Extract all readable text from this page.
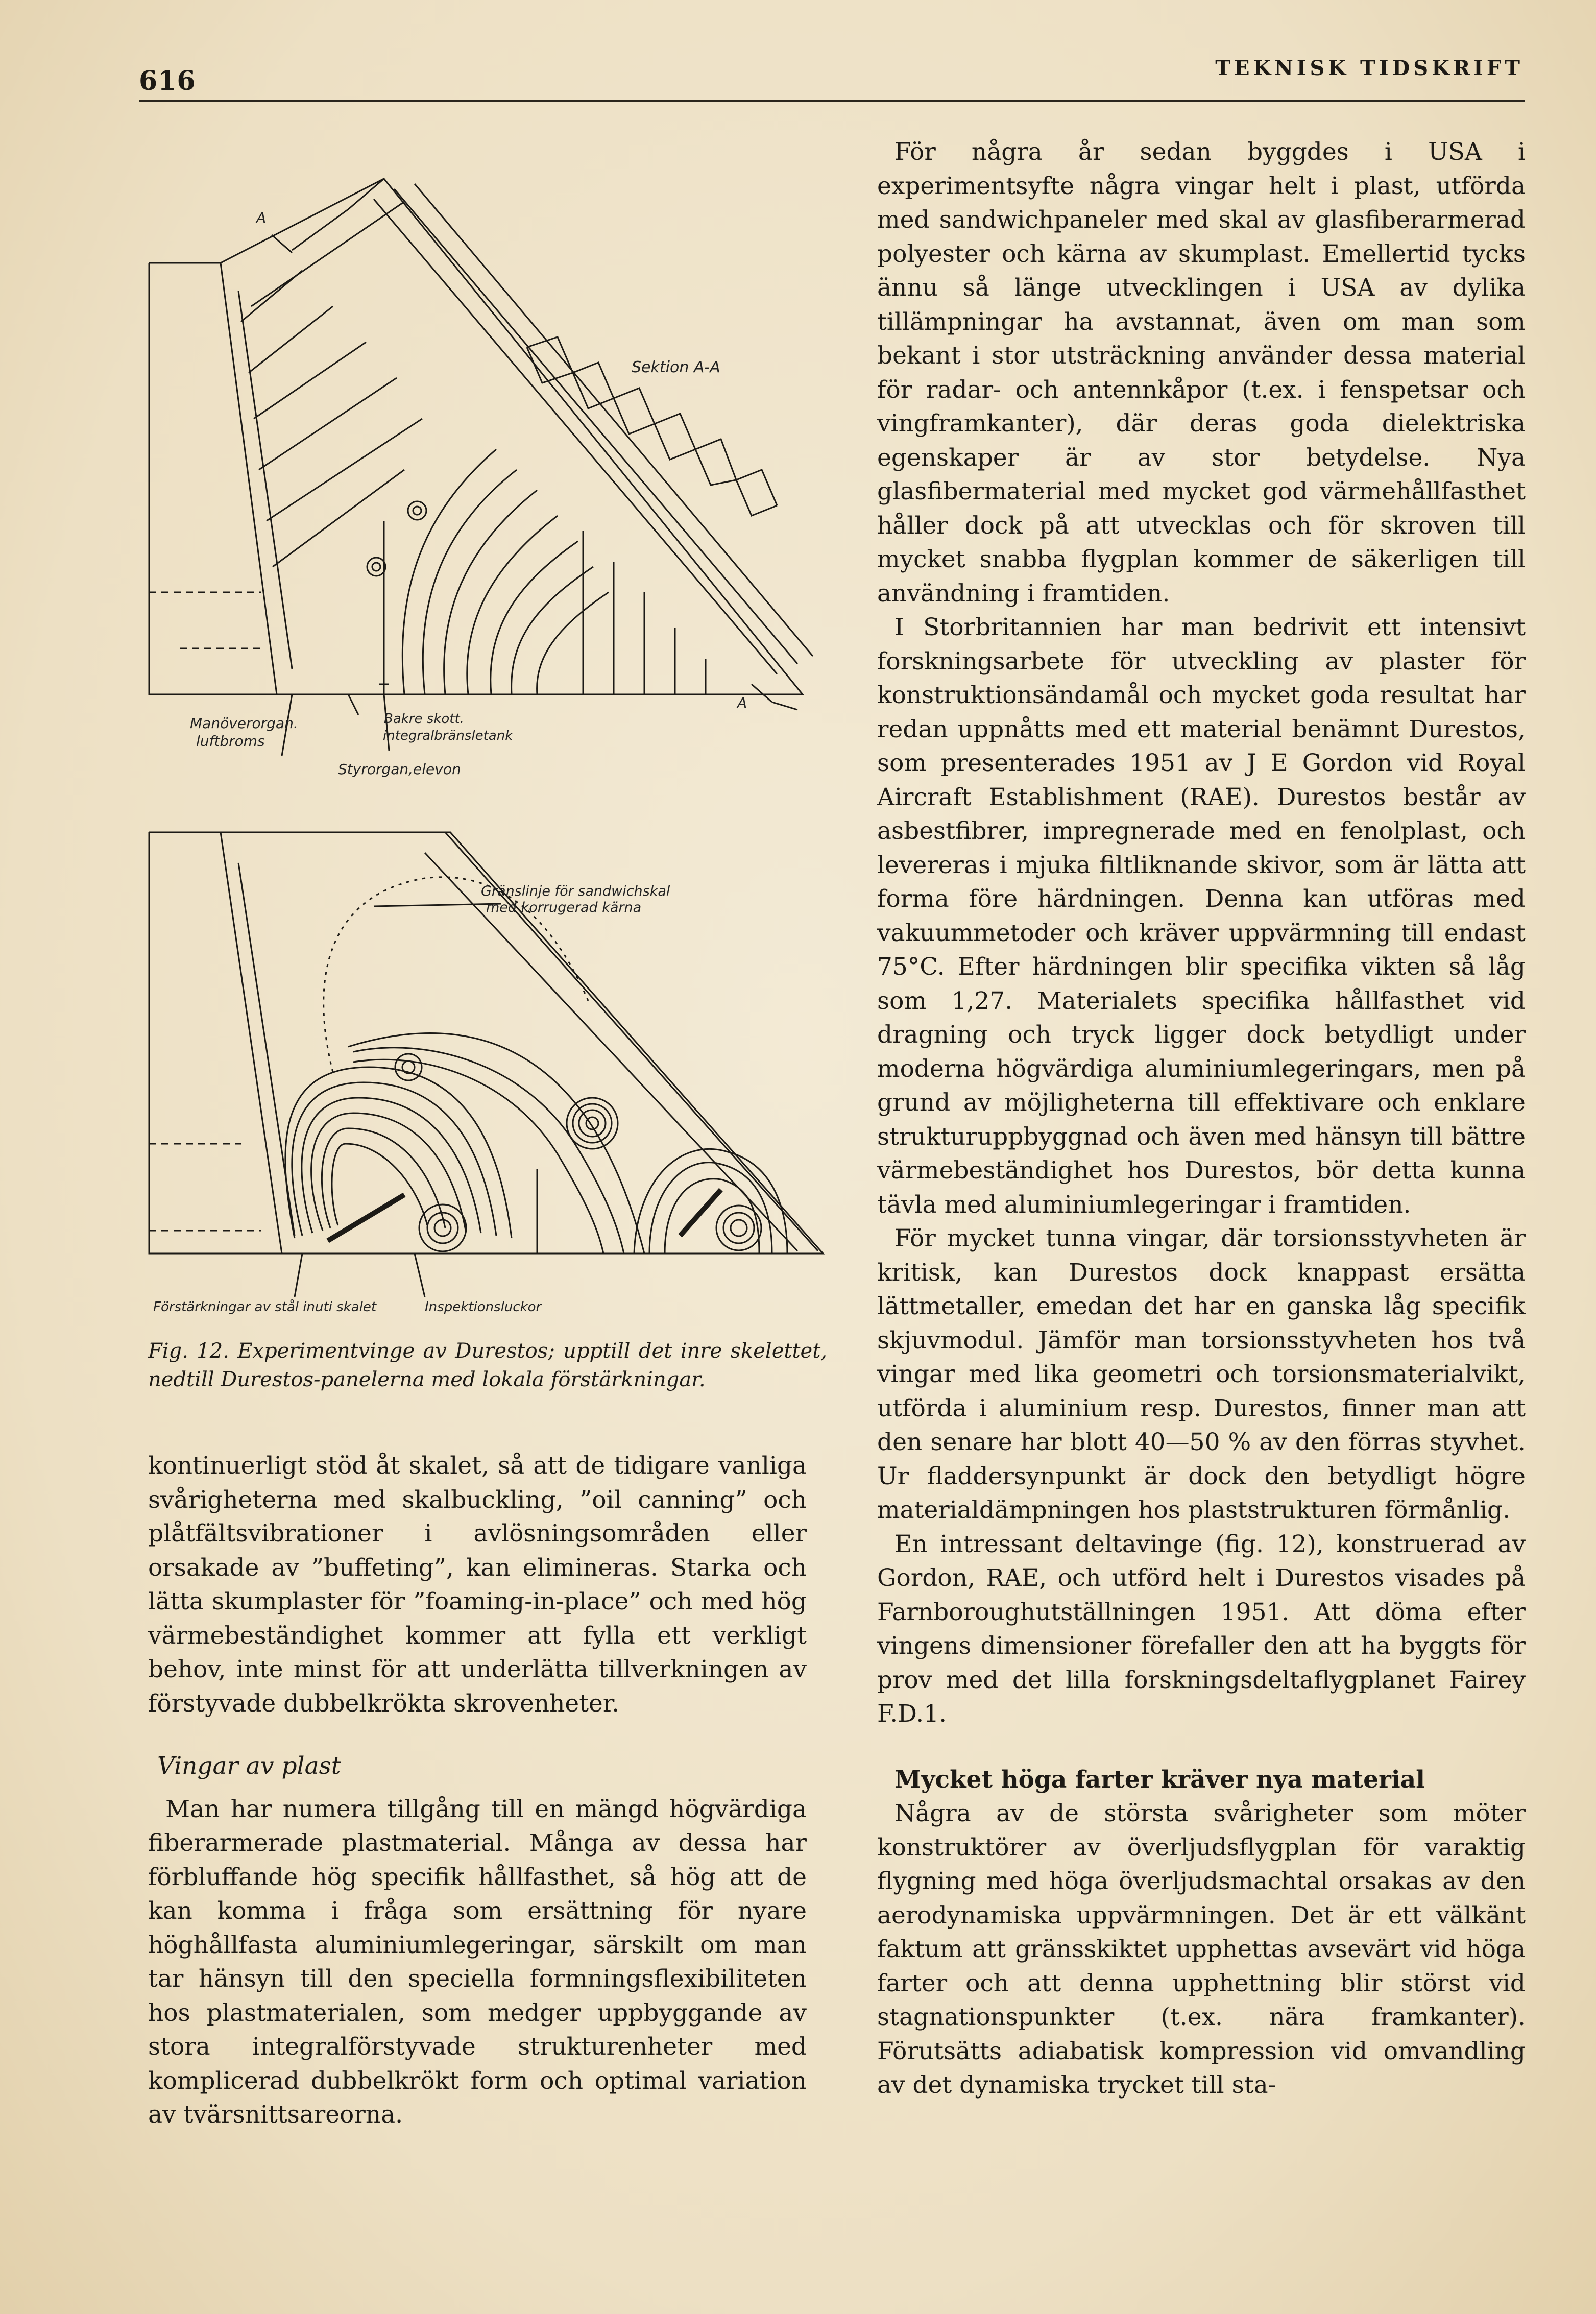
616	TEKNISK TIDSKRIFT
A
A
Sektion A-A
Manöverorgan.
luftbroms
Bakre skott.
integralbränsletank
Styrorgan,elevon
Gränslinje för sandwichskal
med korrugerad kärna
Förstärkningar av stål inuti skalet	Inspektionsluckor
Fig. 12. Experimentvinge av Durestos; upptill det inre skelettet, nedtill Durestos-panelerna med lokala förstärkningar.

kontinuerligt stöd åt skalet, så att de tidigare vanliga svårigheterna med skalbuckling, ”oil canning” och plåtfältsvibrationer i avlösningsområden eller orsakade av ”buffeting”, kan elimineras. Starka och lätta skumplaster för ”foaming-in-place” och med hög värmebeständighet kommer att fylla ett verkligt behov, inte minst för att underlätta tillverkningen av förstyvade dubbelkrökta skrovenheter.

Vingar av plast

Man har numera tillgång till en mängd högvärdiga fiberarmerade plastmaterial. Många av dessa har förbluffande hög specifik hållfasthet, så hög att de kan komma i fråga som ersättning för nyare höghållfasta aluminiumlegeringar, särskilt om man tar hänsyn till den speciella formningsflexibiliteten hos plastmaterialen, som medger uppbyggande av stora integralförstyvade strukturenheter med komplicerad dubbelkrökt form och optimal variation av tvärsnittsareorna.

För några år sedan byggdes i USA i experimentsyfte några vingar helt i plast, utförda med sandwichpaneler med skal av glasfiberarmerad polyester och kärna av skumplast. Emellertid tycks ännu så länge utvecklingen i USA av dylika tillämpningar ha avstannat, även om man som bekant i stor utsträckning använder dessa material för radar- och antennkåpor (t.ex. i fenspetsar och vingframkanter), där deras goda dielektriska egenskaper är av stor betydelse. Nya glasfibermaterial med mycket god värmehållfasthet håller dock på att utvecklas och för skroven till mycket snabba flygplan kommer de säkerligen till användning i framtiden.

I Storbritannien har man bedrivit ett intensivt forskningsarbete för utveckling av plaster för konstruktionsändamål och mycket goda resultat har redan uppnåtts med ett material benämnt Durestos, som presenterades 1951 av J E Gordon vid Royal Aircraft Establishment (RAE). Durestos består av asbestfibrer, impregnerade med en fenolplast, och levereras i mjuka filtliknande skivor, som är lätta att forma före härdningen. Denna kan utföras med vakuummetoder och kräver uppvärmning till endast 75°C. Efter härdningen blir specifika vikten så låg som 1,27. Materialets specifika hållfasthet vid dragning och tryck ligger dock betydligt under moderna högvärdiga aluminiumlegeringars, men på grund av möjligheterna till effektivare och enklare strukturuppbyggnad och även med hänsyn till bättre värmebeständighet hos Durestos, bör detta kunna tävla med aluminiumlegeringar i framtiden.

För mycket tunna vingar, där torsionsstyvheten är kritisk, kan Durestos dock knappast ersätta lättmetaller, emedan det har en ganska låg specifik skjuvmodul. Jämför man torsionsstyvheten hos två vingar med lika geometri och torsionsmaterialvikt, utförda i aluminium resp. Durestos, finner man att den senare har blott 40—50 % av den förras styvhet. Ur fladdersynpunkt är dock den betydligt högre materialdämpningen hos plaststrukturen förmånlig.

En intressant deltavinge (fig. 12), konstruerad av Gordon, RAE, och utförd helt i Durestos visades på Farnboroughutställningen 1951. Att döma efter vingens dimensioner förefaller den att ha byggts för prov med det lilla forskningsdeltaflygplanet Fairey F.D.1.

Mycket höga farter kräver nya material

Några av de största svårigheter som möter konstruktörer av överljudsflygplan för varaktig flygning med höga överljudsmachtal orsakas av den aerodynamiska uppvärmningen. Det är ett välkänt faktum att gränsskiktet upphettas avsevärt vid höga farter och att denna upphettning blir störst vid stagnationspunkter (t.ex. nära framkanter). Förutsätts adiabatisk kompression vid omvandling av det dynamiska trycket till sta-
